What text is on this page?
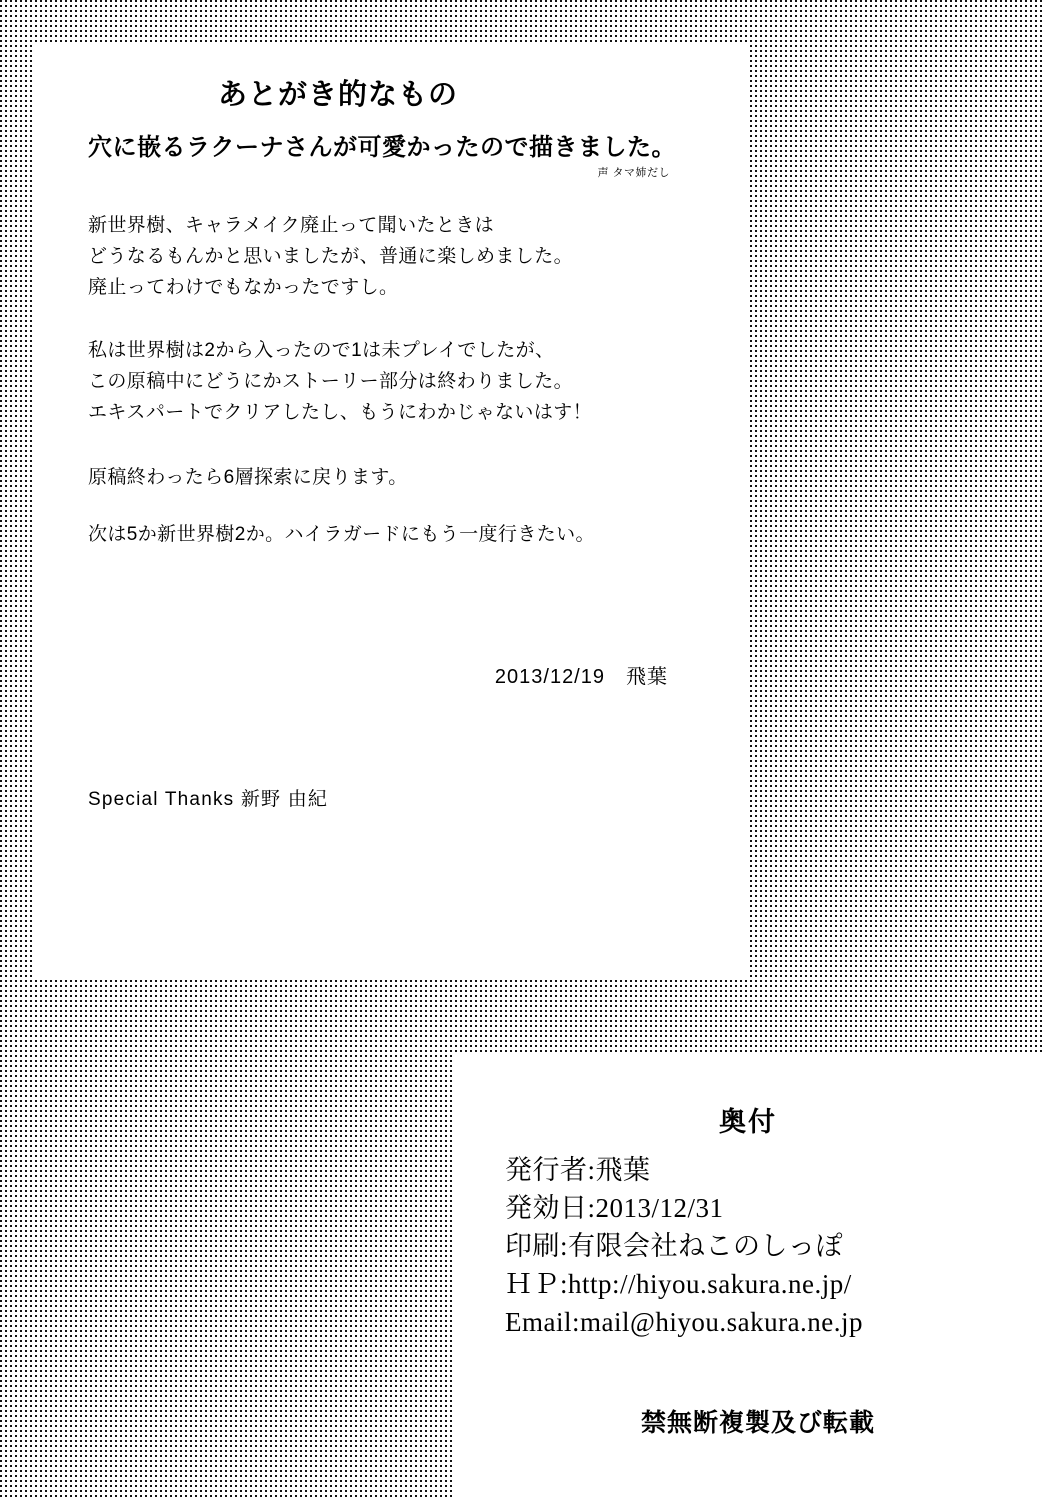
あとがき的なもの

穴に嵌るラクーナさんが可愛かったので描きました。

声 タマ姉だし

新世界樹、キャラメイク廃止って聞いたときは

どうなるもんかと思いましたが、普通に楽しめました。

廃止ってわけでもなかったですし。

私は世界樹は2から入ったので1は未プレイでしたが、

この原稿中にどうにかストーリー部分は終わりました。

エキスパートでクリアしたし、もうにわかじゃないはす！

原稿終わったら6層探索に戻ります。

次は5か新世界樹2か。ハイラガードにもう一度行きたい。

2013/12/19　飛葉

Special Thanks 新野 由紀

奥付

発行者:飛葉

発効日:2013/12/31

印刷:有限会社ねこのしっぽ

ＨＰ:http://hiyou.sakura.ne.jp/

Email:mail@hiyou.sakura.ne.jp

禁無断複製及び転載
